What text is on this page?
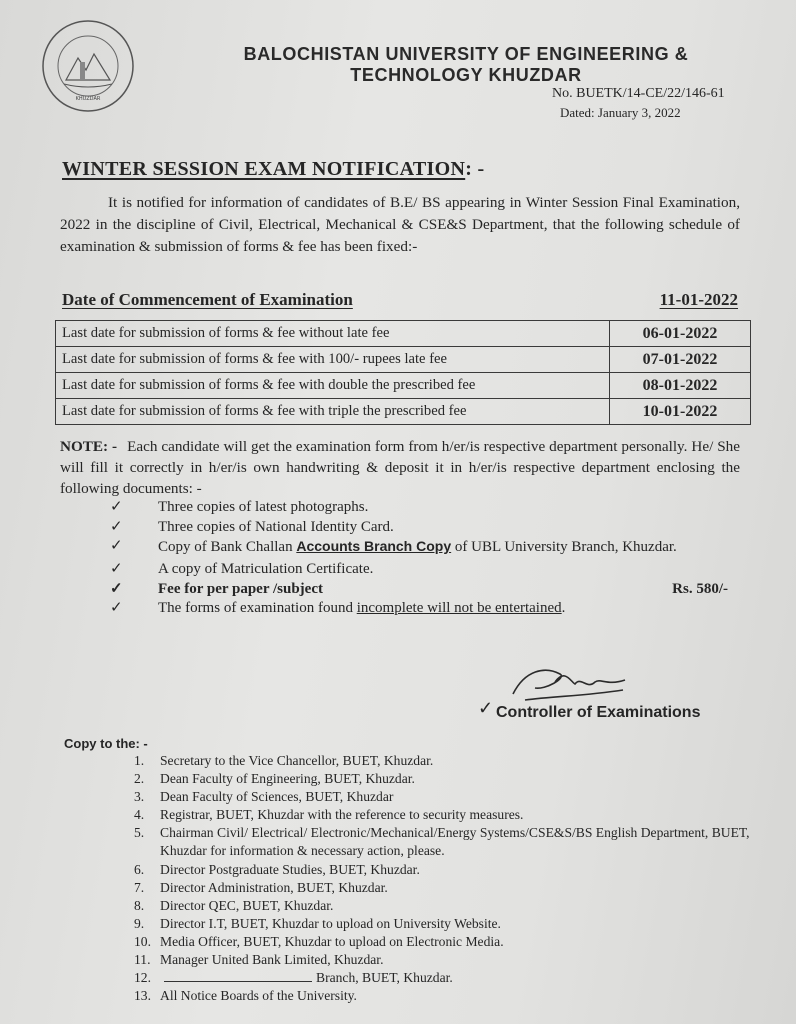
KHUZDAR
BALOCHISTAN UNIVERSITY OF ENGINEERING &
TECHNOLOGY KHUZDAR
No. BUETK/14-CE/22/146-61
Dated: January 3, 2022
WINTER SESSION EXAM NOTIFICATION: -
It is notified for information of candidates of B.E/ BS appearing in Winter Session Final Examination, 2022 in the discipline of Civil, Electrical, Mechanical & CSE&S Department, that the following schedule of examination & submission of forms & fee has been fixed:-
Date of Commencement of Examination	11-01-2022
Last date for submission of forms & fee without late fee	06-01-2022
Last date for submission of forms & fee with 100/- rupees late fee	07-01-2022
Last date for submission of forms & fee with double the prescribed fee	08-01-2022
Last date for submission of forms & fee with triple the prescribed fee	10-01-2022
NOTE: - Each candidate will get the examination form from h/er/is respective department personally. He/ She will fill it correctly in h/er/is own handwriting & deposit it in h/er/is respective department enclosing the following documents: -
✓ Three copies of latest photographs.
✓ Three copies of National Identity Card.
✓ Copy of Bank Challan Accounts Branch Copy of UBL University Branch, Khuzdar.
✓ A copy of Matriculation Certificate.
✓ Fee for per paper /subject	Rs. 580/-
✓ The forms of examination found incomplete will not be entertained.
✓ Controller of Examinations
Copy to the: -
1.	Secretary to the Vice Chancellor, BUET, Khuzdar.
2.	Dean Faculty of Engineering, BUET, Khuzdar.
3.	Dean Faculty of Sciences, BUET, Khuzdar
4.	Registrar, BUET, Khuzdar with the reference to security measures.
5.	Chairman Civil/ Electrical/ Electronic/Mechanical/Energy Systems/CSE&S/BS English Department, BUET, Khuzdar for information & necessary action, please.
6.	Director Postgraduate Studies, BUET, Khuzdar.
7.	Director Administration, BUET, Khuzdar.
8.	Director QEC, BUET, Khuzdar.
9.	Director I.T, BUET, Khuzdar to upload on University Website.
10. Media Officer, BUET, Khuzdar to upload on Electronic Media.
11. Manager United Bank Limited, Khuzdar.
12.	Branch, BUET, Khuzdar.
13. All Notice Boards of the University.
